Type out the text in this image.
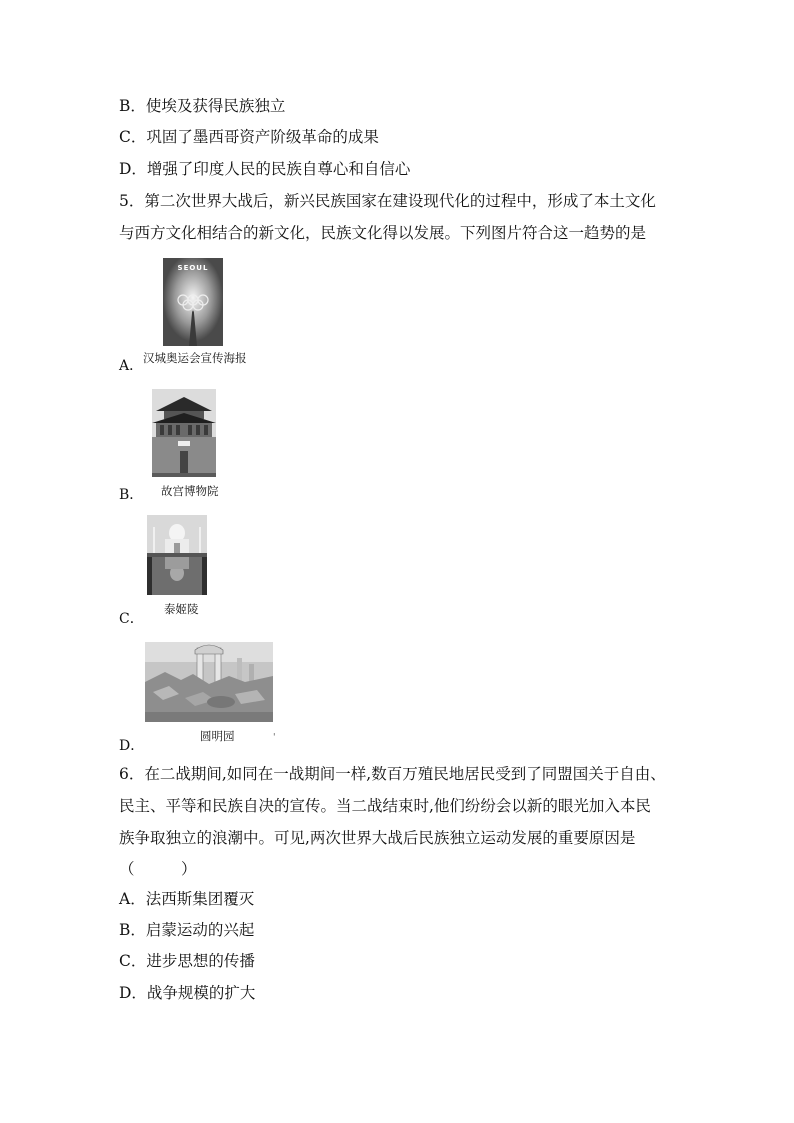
B．使埃及获得民族独立
C．巩固了墨西哥资产阶级革命的成果
D．增强了印度人民的民族自尊心和自信心
5．第二次世界大战后，新兴民族国家在建设现代化的过程中，形成了本土文化
与西方文化相结合的新文化，民族文化得以发展。下列图片符合这一趋势的是
SEOUL
汉城奥运会宣传海报
A．
故宫博物院
B．
泰姬陵
C．
圆明园	'
D．
6．在二战期间,如同在一战期间一样,数百万殖民地居民受到了同盟国关于自由、
民主、平等和民族自决的宣传。当二战结束时,他们纷纷会以新的眼光加入本民
族争取独立的浪潮中。可见,两次世界大战后民族独立运动发展的重要原因是
（　　　）
A．法西斯集团覆灭
B．启蒙运动的兴起
C．进步思想的传播
D．战争规模的扩大
